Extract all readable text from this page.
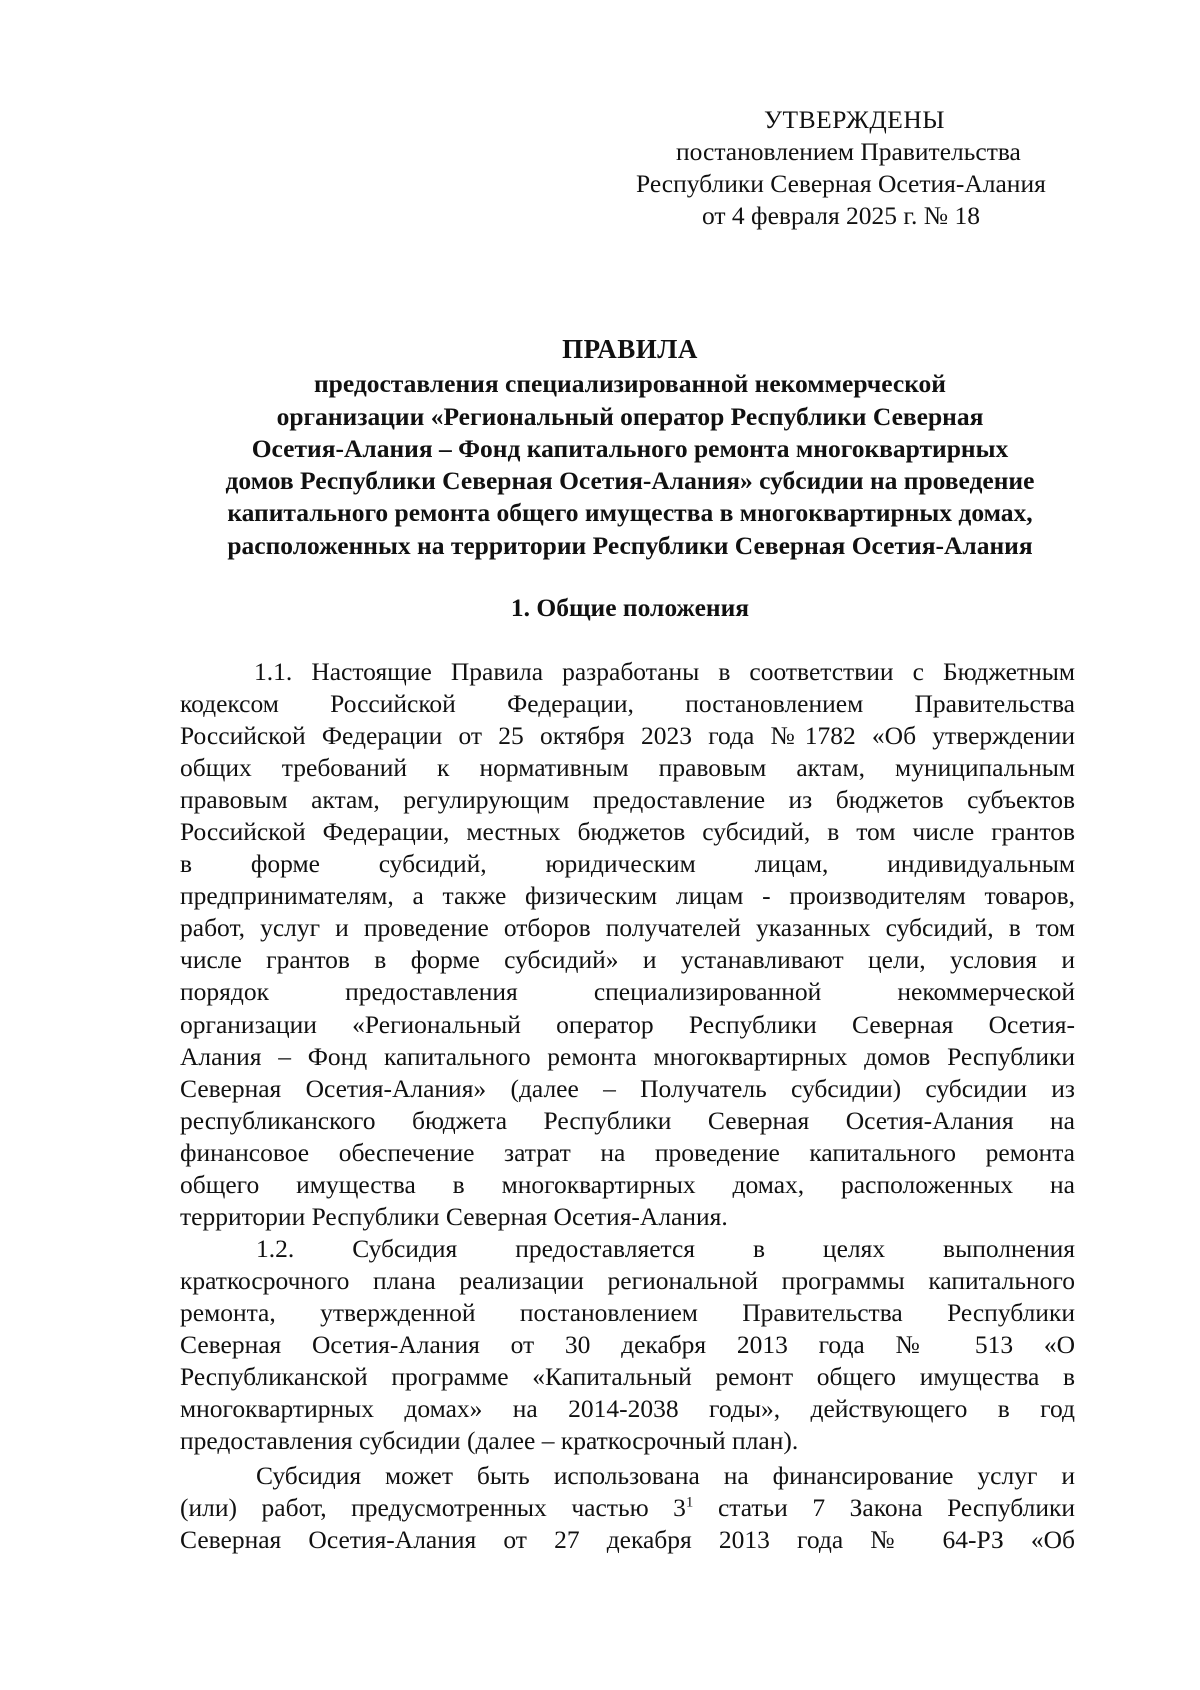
УТВЕРЖДЕНЫ
постановлением Правительства
Республики Северная Осетия-Алания
от 4 февраля 2025 г. № 18
ПРАВИЛА
предоставления специализированной некоммерческой
организации «Региональный оператор Республики Северная
Осетия-Алания – Фонд капитального ремонта многоквартирных
домов Республики Северная Осетия-Алания» субсидии на проведение
капитального ремонта общего имущества в многоквартирных домах,
расположенных на территории Республики Северная Осетия-Алания
1. Общие положения
1.1. Настоящие Правила разработаны в соответствии с Бюджетным
кодексом Российской Федерации, постановлением Правительства
Российской Федерации от 25 октября 2023 года №1782 «Об утверждении
общих требований к нормативным правовым актам, муниципальным
правовым актам, регулирующим предоставление из бюджетов субъектов
Российской Федерации, местных бюджетов субсидий, в том числе грантов
в форме субсидий, юридическим лицам, индивидуальным
предпринимателям, а также физическим лицам - производителям товаров,
работ, услуг и проведение отборов получателей указанных субсидий, в том
числе грантов в форме субсидий» и устанавливают цели, условия и
порядок предоставления специализированной некоммерческой
организации «Региональный оператор Республики Северная Осетия-
Алания – Фонд капитального ремонта многоквартирных домов Республики
Северная Осетия-Алания» (далее – Получатель субсидии) субсидии из
республиканского бюджета Республики Северная Осетия-Алания на
финансовое обеспечение затрат на проведение капитального ремонта
общего имущества в многоквартирных домах, расположенных на
территории Республики Северная Осетия-Алания.
1.2. Субсидия предоставляется в целях выполнения
краткосрочного плана реализации региональной программы капитального
ремонта, утвержденной постановлением Правительства Республики
Северная Осетия-Алания от 30 декабря 2013 года № 513 «О
Республиканской программе «Капитальный ремонт общего имущества в
многоквартирных домах» на 2014-2038 годы», действующего в год
предоставления субсидии (далее – краткосрочный план).
Субсидия может быть использована на финансирование услуг и
(или) работ, предусмотренных частью $3^1$ статьи 7 Закона Республики
Северная Осетия-Алания от 27 декабря 2013 года № 64-РЗ «Об
